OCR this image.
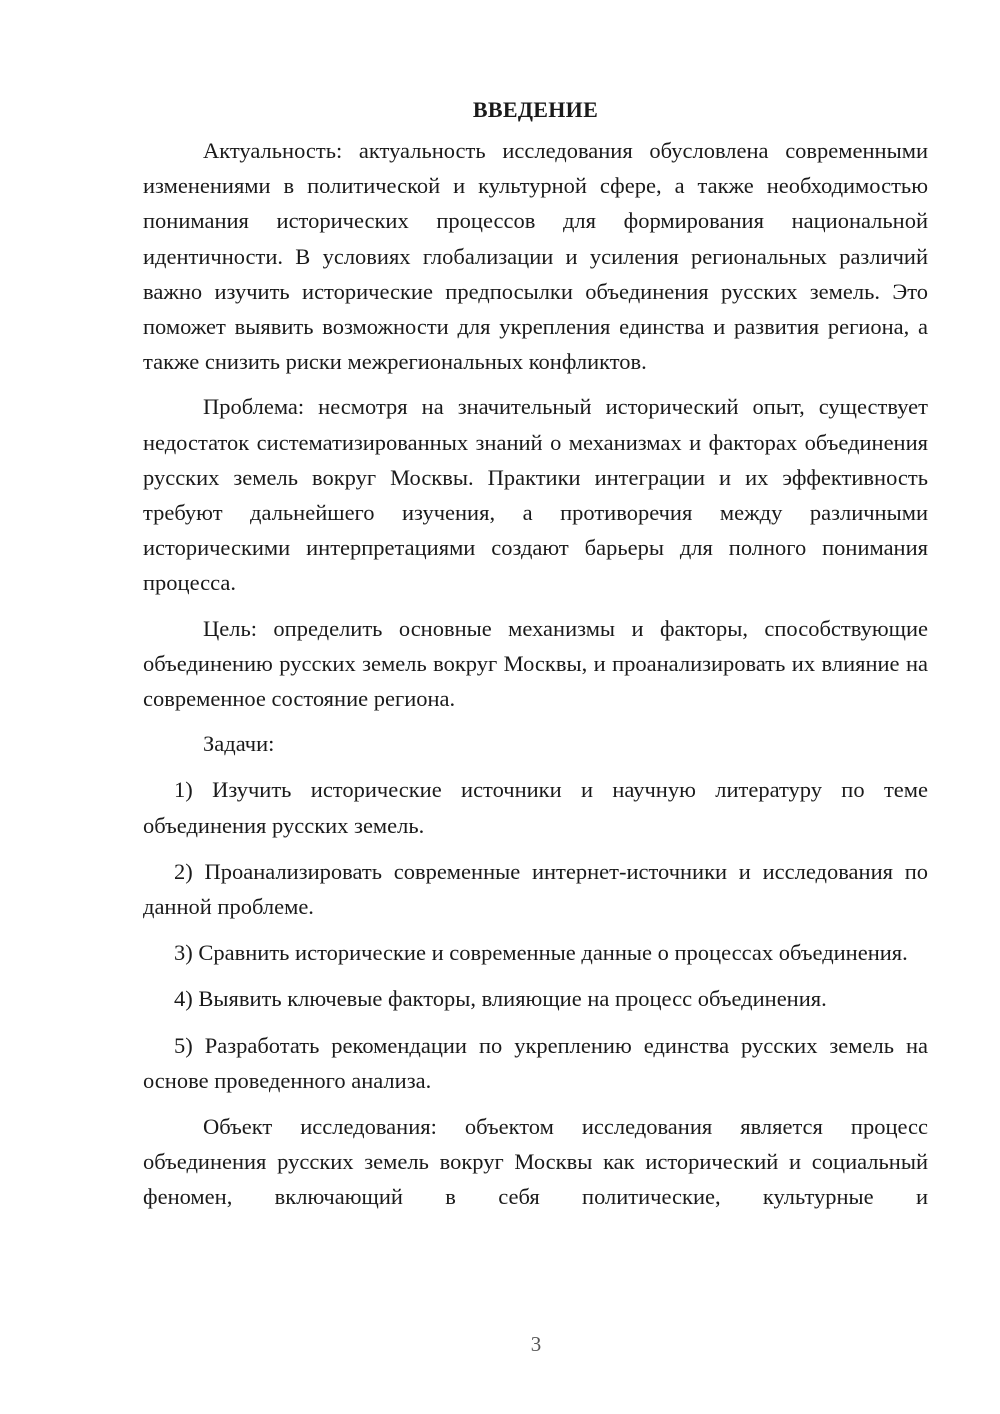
ВВЕДЕНИЕ

Актуальность: актуальность исследования обусловлена современными изменениями в политической и культурной сфере, а также необходимостью понимания исторических процессов для формирования национальной идентичности. В условиях глобализации и усиления региональных различий важно изучить исторические предпосылки объединения русских земель. Это поможет выявить возможности для укрепления единства и развития региона, а также снизить риски межрегиональных конфликтов.

Проблема: несмотря на значительный исторический опыт, существует недостаток систематизированных знаний о механизмах и факторах объединения русских земель вокруг Москвы. Практики интеграции и их эффективность требуют дальнейшего изучения, а противоречия между различными историческими интерпретациями создают барьеры для полного понимания процесса.

Цель: определить основные механизмы и факторы, способствующие объединению русских земель вокруг Москвы, и проанализировать их влияние на современное состояние региона.

Задачи:

1) Изучить исторические источники и научную литературу по теме объединения русских земель.

2) Проанализировать современные интернет-источники и исследования по данной проблеме.

3) Сравнить исторические и современные данные о процессах объединения.

4) Выявить ключевые факторы, влияющие на процесс объединения.

5) Разработать рекомендации по укреплению единства русских земель на основе проведенного анализа.

Объект исследования: объектом исследования является процесс объединения русских земель вокруг Москвы как исторический и социальный феномен, включающий в себя политические, культурные и

3
